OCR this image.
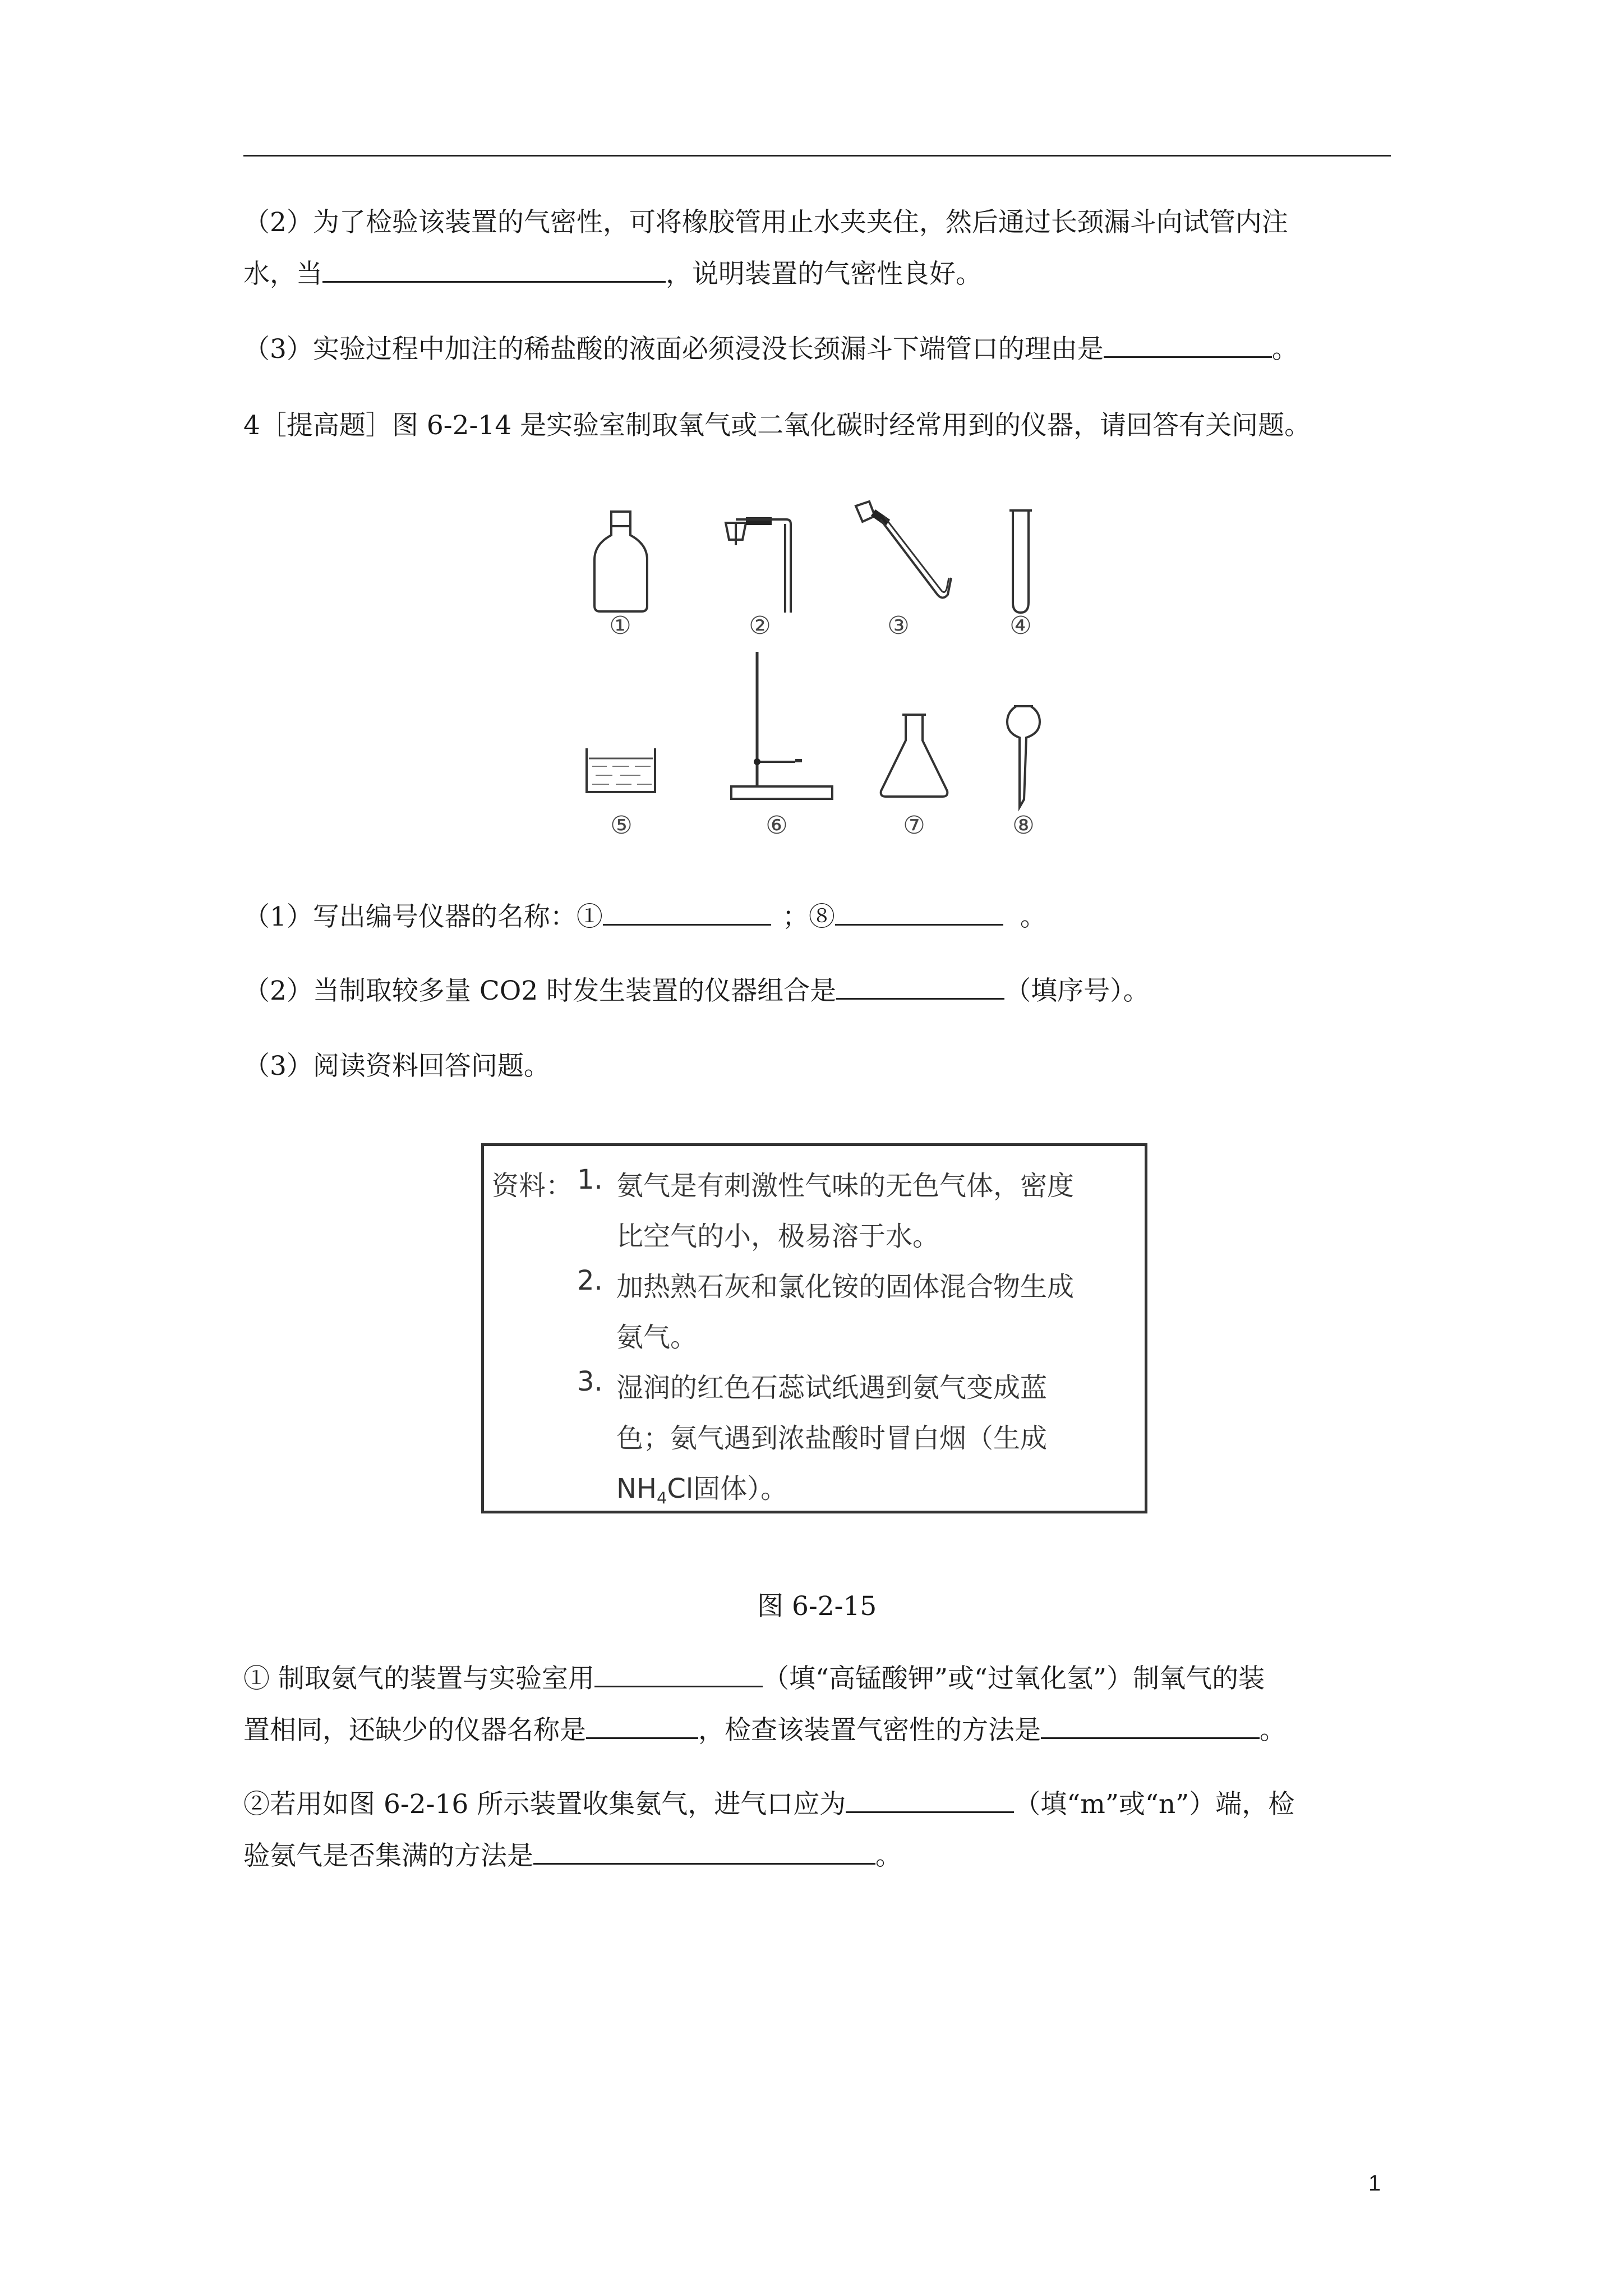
（2）为了检验该装置的气密性，可将橡胶管用止水夹夹住，然后通过长颈漏斗向试管内注
水，当	，说明装置的气密性良好。
（3）实验过程中加注的稀盐酸的液面必须浸没长颈漏斗下端管口的理由是	。
4［提高题］图 6-2-14 是实验室制取氧气或二氧化碳时经常用到的仪器，请回答有关问题。
①	②	③	④
⑤	⑥	⑦	⑧
（1）写出编号仪器的名称：①	；⑧	。
（2）当制取较多量 CO2 时发生装置的仪器组合是	（填序号）。
（3）阅读资料回答问题。
资料： 1. 氨气是有刺激性气味的无色气体，密度
比空气的小，极易溶于水。
2. 加热熟石灰和氯化铵的固体混合物生成
氨气。
3. 湿润的红色石蕊试纸遇到氨气变成蓝
色；氨气遇到浓盐酸时冒白烟（生成
$NH_4Cl$固体）。
图 6-2-15
① 制取氨气的装置与实验室用	（填“高锰酸钾”或“过氧化氢”）制氧气的装
置相同，还缺少的仪器名称是	，检查该装置气密性的方法是	。
②若用如图 6-2-16 所示装置收集氨气，进气口应为	（填“m”或“n”）端，检
验氨气是否集满的方法是	。
1
